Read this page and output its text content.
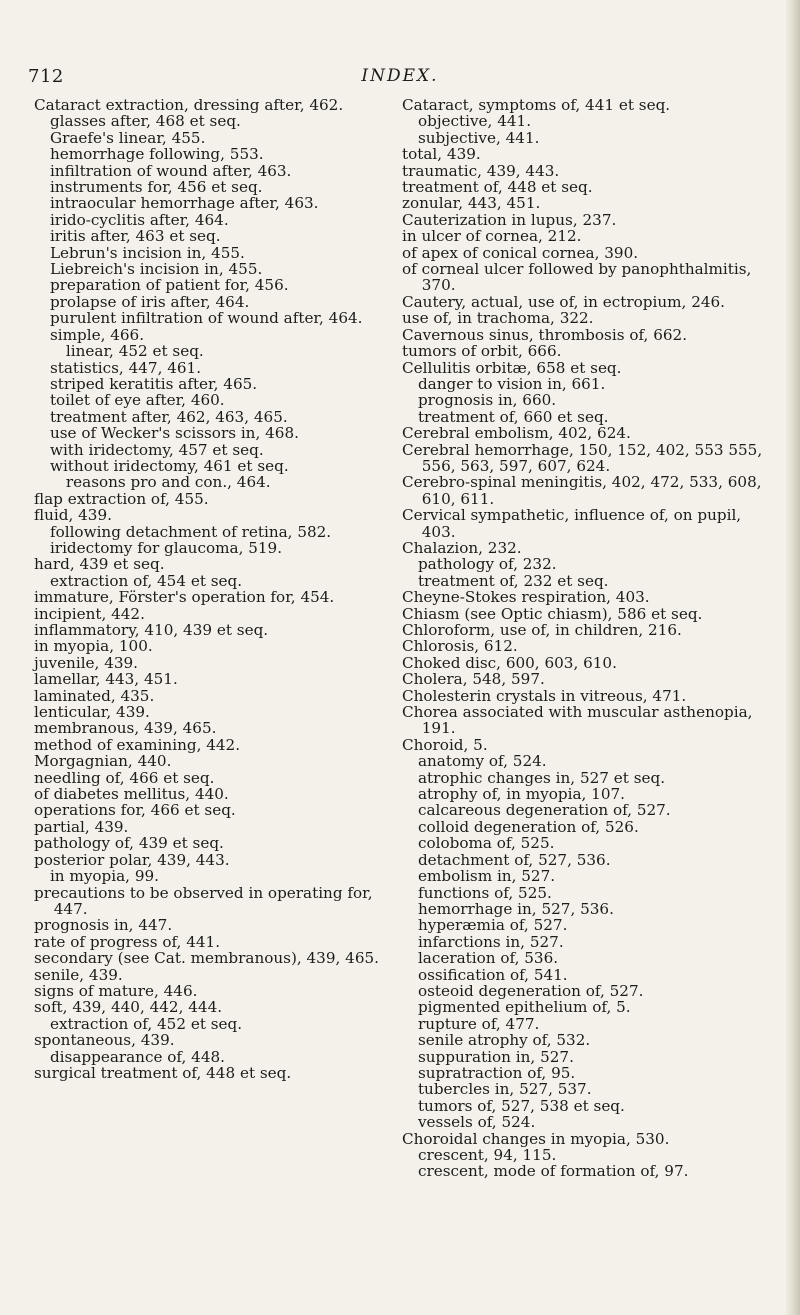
712	INDEX.

Cataract extraction, dressing after, 462.

glasses after, 468 et seq.

Graefe's linear, 455.

hemorrhage following, 553.

infiltration of wound after, 463.

instruments for, 456 et seq.

intraocular hemorrhage after, 463.

irido-cyclitis after, 464.

iritis after, 463 et seq.

Lebrun's incision in, 455.

Liebreich's incision in, 455.

preparation of patient for, 456.

prolapse of iris after, 464.

purulent infiltration of wound after, 464.

simple, 466.

linear, 452 et seq.

statistics, 447, 461.

striped keratitis after, 465.

toilet of eye after, 460.

treatment after, 462, 463, 465.

use of Wecker's scissors in, 468.

with iridectomy, 457 et seq.

without iridectomy, 461 et seq.

reasons pro and con., 464.

flap extraction of, 455.

fluid, 439.

following detachment of retina, 582.

iridectomy for glaucoma, 519.

hard, 439 et seq.

extraction of, 454 et seq.

immature, Förster's operation for, 454.

incipient, 442.

inflammatory, 410, 439 et seq.

in myopia, 100.

juvenile, 439.

lamellar, 443, 451.

laminated, 435.

lenticular, 439.

membranous, 439, 465.

method of examining, 442.

Morgagnian, 440.

needling of, 466 et seq.

of diabetes mellitus, 440.

operations for, 466 et seq.

partial, 439.

pathology of, 439 et seq.

posterior polar, 439, 443.

in myopia, 99.

precautions to be observed in operating for, 447.

prognosis in, 447.

rate of progress of, 441.

secondary (see Cat. membranous), 439, 465.

senile, 439.

signs of mature, 446.

soft, 439, 440, 442, 444.

extraction of, 452 et seq.

spontaneous, 439.

disappearance of, 448.

surgical treatment of, 448 et seq.

Cataract, symptoms of, 441 et seq.

objective, 441.

subjective, 441.

total, 439.

traumatic, 439, 443.

treatment of, 448 et seq.

zonular, 443, 451.

Cauterization in lupus, 237.

in ulcer of cornea, 212.

of apex of conical cornea, 390.

of corneal ulcer followed by panophthalmitis, 370.

Cautery, actual, use of, in ectropium, 246.

use of, in trachoma, 322.

Cavernous sinus, thrombosis of, 662.

tumors of orbit, 666.

Cellulitis orbitæ, 658 et seq.

danger to vision in, 661.

prognosis in, 660.

treatment of, 660 et seq.

Cerebral embolism, 402, 624.

Cerebral hemorrhage, 150, 152, 402, 553 555, 556, 563, 597, 607, 624.

Cerebro-spinal meningitis, 402, 472, 533, 608, 610, 611.

Cervical sympathetic, influence of, on pupil, 403.

Chalazion, 232.

pathology of, 232.

treatment of, 232 et seq.

Cheyne-Stokes respiration, 403.

Chiasm (see Optic chiasm), 586 et seq.

Chloroform, use of, in children, 216.

Chlorosis, 612.

Choked disc, 600, 603, 610.

Cholera, 548, 597.

Cholesterin crystals in vitreous, 471.

Chorea associated with muscular asthenopia, 191.

Choroid, 5.

anatomy of, 524.

atrophic changes in, 527 et seq.

atrophy of, in myopia, 107.

calcareous degeneration of, 527.

colloid degeneration of, 526.

coloboma of, 525.

detachment of, 527, 536.

embolism in, 527.

functions of, 525.

hemorrhage in, 527, 536.

hyperæmia of, 527.

infarctions in, 527.

laceration of, 536.

ossification of, 541.

osteoid degeneration of, 527.

pigmented epithelium of, 5.

rupture of, 477.

senile atrophy of, 532.

suppuration in, 527.

supratraction of, 95.

tubercles in, 527, 537.

tumors of, 527, 538 et seq.

vessels of, 524.

Choroidal changes in myopia, 530.

crescent, 94, 115.

crescent, mode of formation of, 97.
